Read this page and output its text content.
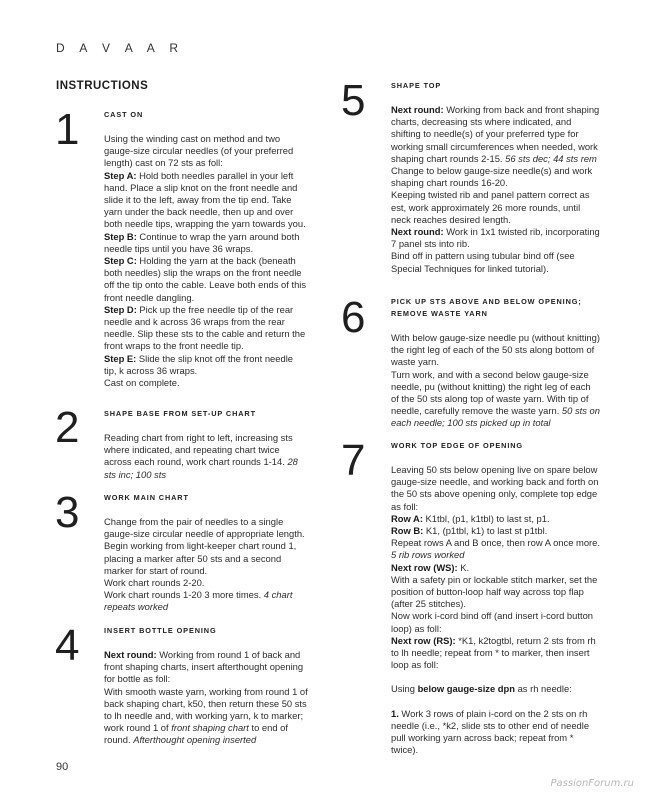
D A V A A R
INSTRUCTIONS
1	CAST ON

Using the winding cast on method and two gauge-size circular needles (of your preferred length) cast on 72 sts as foll:

Step A: Hold both needles parallel in your left hand. Place a slip knot on the front needle and slide it to the left, away from the tip end. Take yarn under the back needle, then up and over both needle tips, wrapping the yarn towards you.

Step B: Continue to wrap the yarn around both needle tips until you have 36 wraps.

Step C: Holding the yarn at the back (beneath both needles) slip the wraps on the front needle off the tip onto the cable. Leave both ends of this front needle dangling.

Step D: Pick up the free needle tip of the rear needle and k across 36 wraps from the rear needle. Slip these sts to the cable and return the front wraps to the front needle tip.

Step E: Slide the slip knot off the front needle tip, k across 36 wraps.

Cast on complete.

2	SHAPE BASE FROM SET-UP CHART

Reading chart from right to left, increasing sts where indicated, and repeating chart twice across each round, work chart rounds 1-14. 28 sts inc; 100 sts

3	WORK MAIN CHART

Change from the pair of needles to a single gauge-size circular needle of appropriate length. Begin working from light-keeper chart round 1, placing a marker after 50 sts and a second marker for start of round.

Work chart rounds 2-20.

Work chart rounds 1-20 3 more times. 4 chart repeats worked

4	INSERT BOTTLE OPENING

Next round: Working from round 1 of back and front shaping charts, insert afterthought opening for bottle as foll:

With smooth waste yarn, working from round 1 of back shaping chart, k50, then return these 50 sts to lh needle and, with working yarn, k to marker; work round 1 of front shaping chart to end of round. Afterthought opening inserted

5	SHAPE TOP

Next round: Working from back and front shaping charts, decreasing sts where indicated, and shifting to needle(s) of your preferred type for working small circumferences when needed, work shaping chart rounds 2-15. 56 sts dec; 44 sts rem

Change to below gauge-size needle(s) and work shaping chart rounds 16-20.

Keeping twisted rib and panel pattern correct as est, work approximately 26 more rounds, until neck reaches desired length.

Next round: Work in 1x1 twisted rib, incorporating 7 panel sts into rib.

Bind off in pattern using tubular bind off (see Special Techniques for linked tutorial).

6	PICK UP STS ABOVE AND BELOW OPENING;
REMOVE WASTE YARN

With below gauge-size needle pu (without knitting) the right leg of each of the 50 sts along bottom of waste yarn.

Turn work, and with a second below gauge-size needle, pu (without knitting) the right leg of each of the 50 sts along top of waste yarn. With tip of needle, carefully remove the waste yarn. 50 sts on each needle; 100 sts picked up in total

7	WORK TOP EDGE OF OPENING

Leaving 50 sts below opening live on spare below gauge-size needle, and working back and forth on the 50 sts above opening only, complete top edge as foll:

Row A: K1tbl, (p1, k1tbl) to last st, p1.

Row B: K1, (p1tbl, k1) to last st p1tbl.

Repeat rows A and B once, then row A once more. 5 rib rows worked

Next row (WS): K.

With a safety pin or lockable stitch marker, set the position of button-loop half way across top flap (after 25 stitches).

Now work i-cord bind off (and insert i-cord button loop) as foll:

Next row (RS): *K1, k2togtbl, return 2 sts from rh to lh needle; repeat from * to marker, then insert loop as foll:

Using below gauge-size dpn as rh needle:

1. Work 3 rows of plain i-cord on the 2 sts on rh needle (i.e., *k2, slide sts to other end of needle pull working yarn across back; repeat from * twice).

90
PassionForum.ru
